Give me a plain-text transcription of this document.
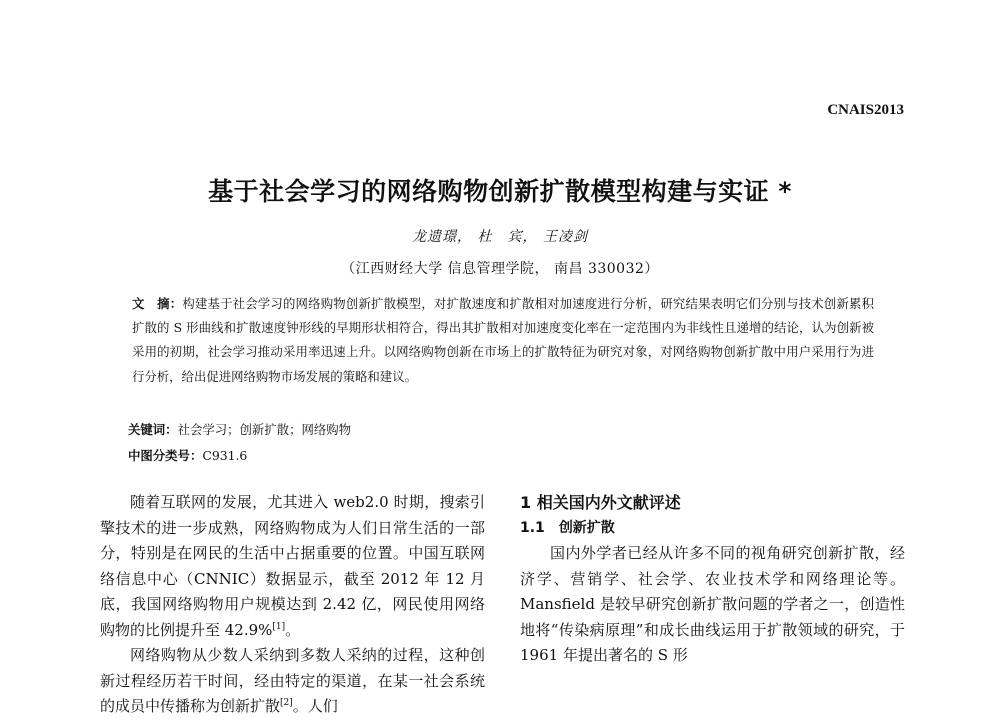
CNAIS2013
基于社会学习的网络购物创新扩散模型构建与实证 *
龙遗璟， 杜　宾， 王凌剑
（江西财经大学 信息管理学院， 南昌 330032）
文　摘：构建基于社会学习的网络购物创新扩散模型，对扩散速度和扩散相对加速度进行分析，研究结果表明它们分别与技术创新累积扩散的 S 形曲线和扩散速度钟形线的早期形状相符合，得出其扩散相对加速度变化率在一定范围内为非线性且递增的结论，认为创新被采用的初期，社会学习推动采用率迅速上升。以网络购物创新在市场上的扩散特征为研究对象，对网络购物创新扩散中用户采用行为进行分析，给出促进网络购物市场发展的策略和建议。
关键词：社会学习；创新扩散；网络购物
中图分类号：C931.6

随着互联网的发展，尤其进入 web2.0 时期，搜索引擎技术的进一步成熟，网络购物成为人们日常生活的一部分，特别是在网民的生活中占据重要的位置。中国互联网络信息中心（CNNIC）数据显示，截至 2012 年 12 月底，我国网络购物用户规模达到 2.42 亿，网民使用网络购物的比例提升至 42.9%[1]。

网络购物从少数人采纳到多数人采纳的过程，这种创新过程经历若干时间，经由特定的渠道，在某一社会系统的成员中传播称为创新扩散[2]。人们

1 相关国内外文献评述

1.1 创新扩散

国内外学者已经从许多不同的视角研究创新扩散，经济学、营销学、社会学、农业技术学和网络理论等。Mansfield 是较早研究创新扩散问题的学者之一，创造性地将“传染病原理”和成长曲线运用于扩散领域的研究，于 1961 年提出著名的 S 形
